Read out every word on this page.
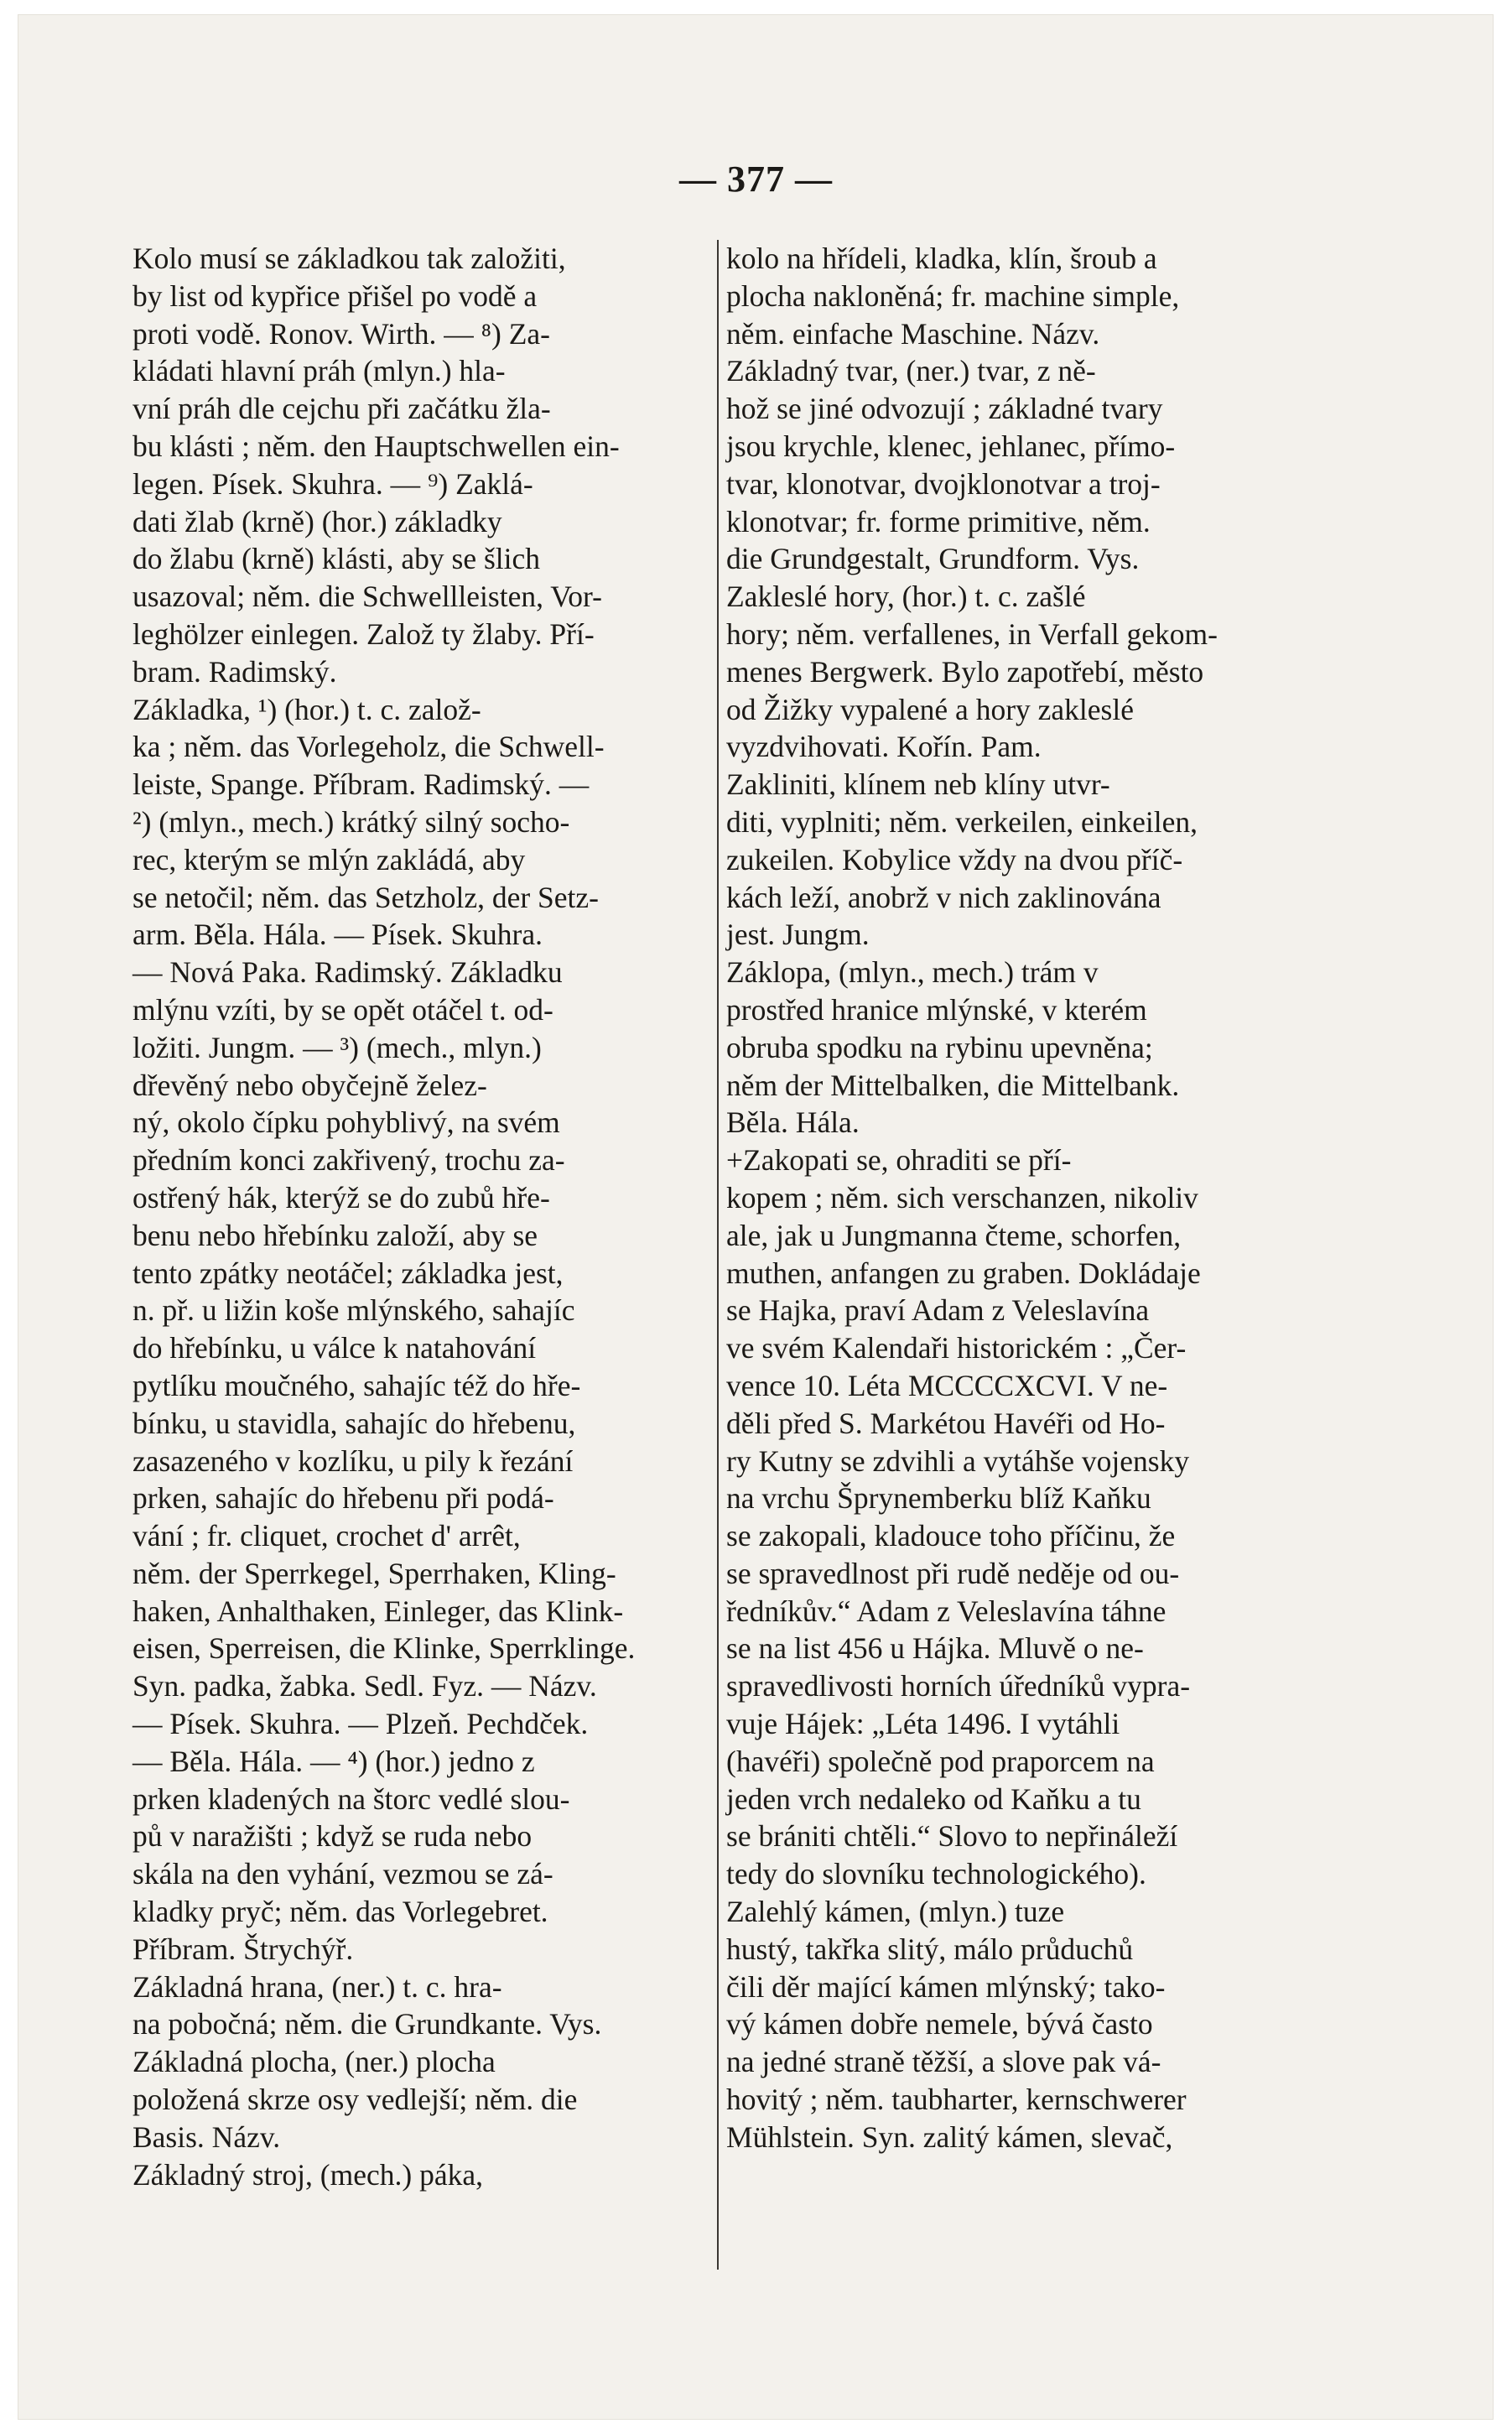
— 377 —
Kolo musí se základkou tak založiti,
by list od kypřice přišel po vodě a
proti vodě. Ronov. Wirth. — ⁸) Za-
kládati hlavní práh (mlyn.) hla-
vní práh dle cejchu při začátku žla-
bu klásti ; něm. den Hauptschwellen ein-
legen. Písek. Skuhra. — ⁹) Zaklá-
dati žlab (krně) (hor.) základky
do žlabu (krně) klásti, aby se šlich
usazoval; něm. die Schwellleisten, Vor-
leghölzer einlegen. Založ ty žlaby. Pří-
bram. Radimský.
Základka, ¹) (hor.) t. c. založ-
ka ; něm. das Vorlegeholz, die Schwell-
leiste, Spange. Příbram. Radimský. —
²) (mlyn., mech.) krátký silný socho-
rec, kterým se mlýn zakládá, aby
se netočil; něm. das Setzholz, der Setz-
arm. Běla. Hála. — Písek. Skuhra.
— Nová Paka. Radimský. Základku
mlýnu vzíti, by se opět otáčel t. od-
ložiti. Jungm. — ³) (mech., mlyn.)
dřevěný nebo obyčejně želez-
ný, okolo čípku pohyblivý, na svém
předním konci zakřivený, trochu za-
ostřený hák, kterýž se do zubů hře-
benu nebo hřebínku založí, aby se
tento zpátky neotáčel; základka jest,
n. př. u ližin koše mlýnského, sahajíc
do hřebínku, u válce k natahování
pytlíku moučného, sahajíc též do hře-
bínku, u stavidla, sahajíc do hřebenu,
zasazeného v kozlíku, u pily k řezání
prken, sahajíc do hřebenu při podá-
vání ; fr. cliquet, crochet d' arrêt,
něm. der Sperrkegel, Sperrhaken, Kling-
haken, Anhalthaken, Einleger, das Klink-
eisen, Sperreisen, die Klinke, Sperrklinge.
Syn. padka, žabka. Sedl. Fyz. — Názv.
— Písek. Skuhra. — Plzeň. Pechdček.
— Běla. Hála. — ⁴) (hor.) jedno z
prken kladených na štorc vedlé slou-
pů v naražišti ; když se ruda nebo
skála na den vyhání, vezmou se zá-
kladky pryč; něm. das Vorlegebret.
Příbram. Štrychýř.
Základná hrana, (ner.) t. c. hra-
na pobočná; něm. die Grundkante. Vys.
Základná plocha, (ner.) plocha
položená skrze osy vedlejší; něm. die
Basis. Názv.
Základný stroj, (mech.) páka,
kolo na hřídeli, kladka, klín, šroub a
plocha nakloněná; fr. machine simple,
něm. einfache Maschine. Názv.
Základný tvar, (ner.) tvar, z ně-
hož se jiné odvozují ; základné tvary
jsou krychle, klenec, jehlanec, přímo-
tvar, klonotvar, dvojklonotvar a troj-
klonotvar; fr. forme primitive, něm.
die Grundgestalt, Grundform. Vys.
Zakleslé hory, (hor.) t. c. zašlé
hory; něm. verfallenes, in Verfall gekom-
menes Bergwerk. Bylo zapotřebí, město
od Žižky vypalené a hory zakleslé
vyzdvihovati. Kořín. Pam.
Zakliniti, klínem neb klíny utvr-
diti, vyplniti; něm. verkeilen, einkeilen,
zukeilen. Kobylice vždy na dvou příč-
kách leží, anobrž v nich zaklinována
jest. Jungm.
Záklopa, (mlyn., mech.) trám v
prostřed hranice mlýnské, v kterém
obruba spodku na rybinu upevněna;
něm der Mittelbalken, die Mittelbank.
Běla. Hála.
+Zakopati se, ohraditi se pří-
kopem ; něm. sich verschanzen, nikoliv
ale, jak u Jungmanna čteme, schorfen,
muthen, anfangen zu graben. Dokládaje
se Hajka, praví Adam z Veleslavína
ve svém Kalendaři historickém : „Čer-
vence 10. Léta MCCCCXCVI. V ne-
děli před S. Markétou Havéři od Ho-
ry Kutny se zdvihli a vytáhše vojensky
na vrchu Šprynemberku blíž Kaňku
se zakopali, kladouce toho příčinu, že
se spravedlnost při rudě neděje od ou-
ředníkův.“ Adam z Veleslavína táhne
se na list 456 u Hájka. Mluvě o ne-
spravedlivosti horních úředníků vypra-
vuje Hájek: „Léta 1496. I vytáhli
(havéři) společně pod praporcem na
jeden vrch nedaleko od Kaňku a tu
se brániti chtěli.“ Slovo to nepřináleží
tedy do slovníku technologického).
Zalehlý kámen, (mlyn.) tuze
hustý, takřka slitý, málo průduchů
čili děr mající kámen mlýnský; tako-
vý kámen dobře nemele, bývá často
na jedné straně těžší, a slove pak vá-
hovitý ; něm. taubharter, kernschwerer
Mühlstein. Syn. zalitý kámen, slevač,
